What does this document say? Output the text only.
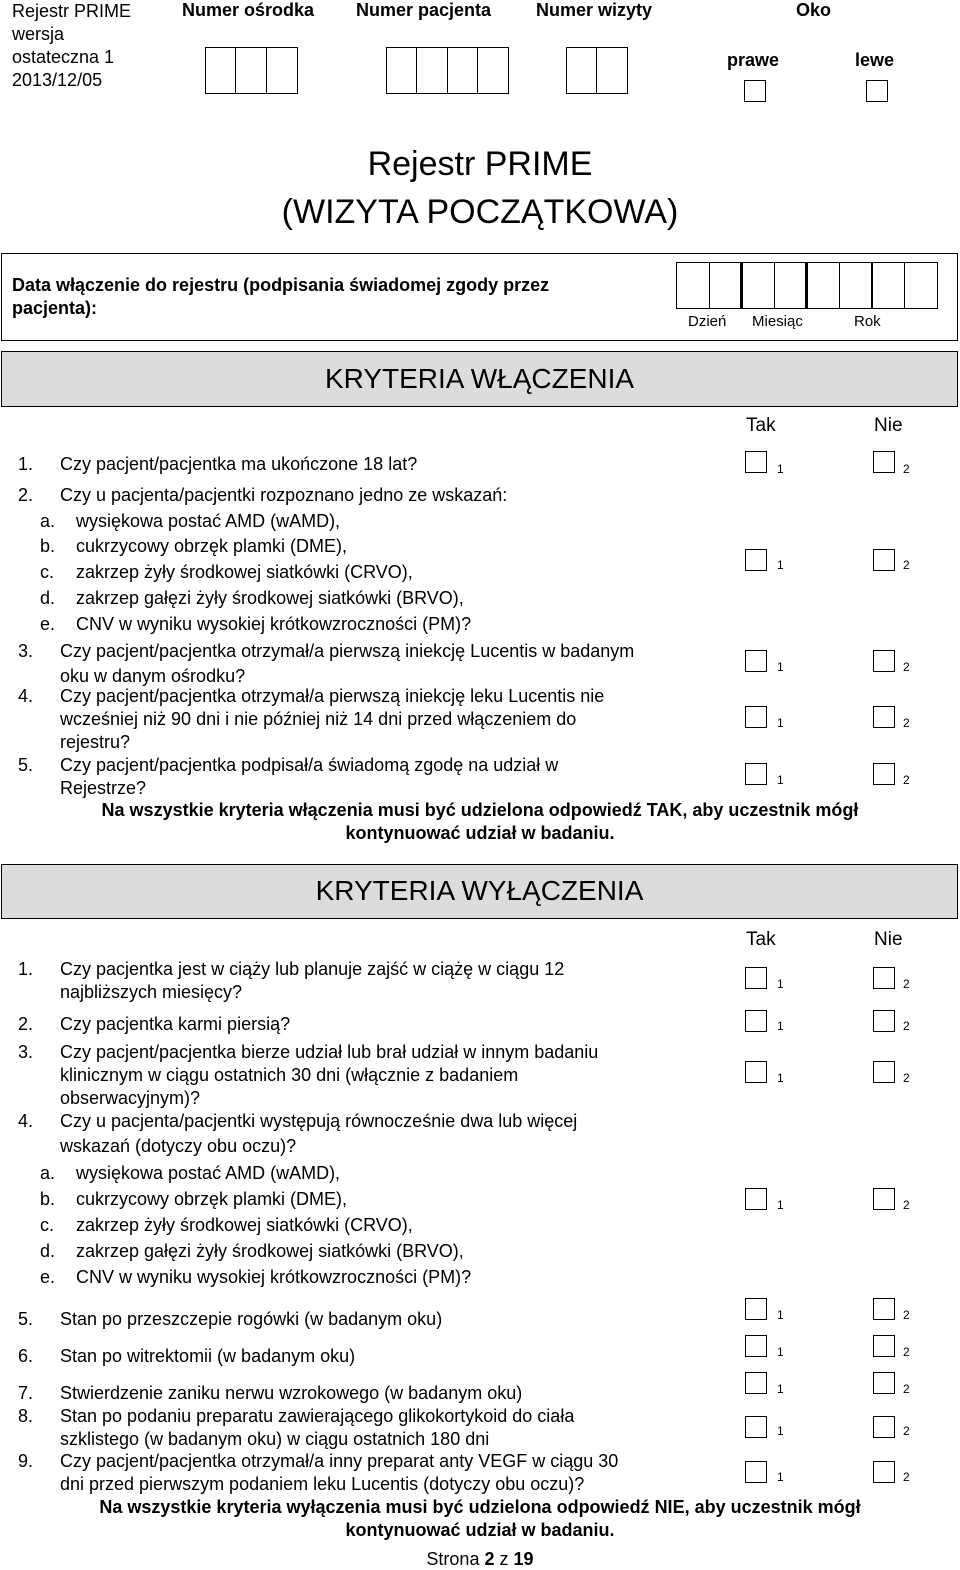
Rejestr PRIME
wersja
ostateczna 1
2013/12/05
Numer ośrodka Numer pacjenta Numer wizyty	Oko
prawe	lewe
Rejestr PRIME
(WIZYTA POCZĄTKOWA)
Data włączenie do rejestru (podpisania świadomej zgody przez
pacjenta):
Dzień Miesiąc	Rok
KRYTERIA WŁĄCZENIA
Tak	Nie
1. Czy pacjent/pacjentka ma ukończone 18 lat?	1	2
2. Czy u pacjenta/pacjentki rozpoznano jedno ze wskazań:
a. wysiękowa postać AMD (wAMD),
b. cukrzycowy obrzęk plamki (DME),
c. zakrzep żyły środkowej siatkówki (CRVO),
d. zakrzep gałęzi żyły środkowej siatkówki (BRVO),
e. CNV w wyniku wysokiej krótkowzroczności (PM)?
1	2
3. Czy pacjent/pacjentka otrzymał/a pierwszą iniekcję Lucentis w badanym
oku w danym ośrodku?	1	2
4. Czy pacjent/pacjentka otrzymał/a pierwszą iniekcję leku Lucentis nie
wcześniej niż 90 dni i nie później niż 14 dni przed włączeniem do
rejestru?
1	2
5. Czy pacjent/pacjentka podpisał/a świadomą zgodę na udział w
Rejestrze?	1	2
Na wszystkie kryteria włączenia musi być udzielona odpowiedź TAK, aby uczestnik mógł
kontynuować udział w badaniu.
KRYTERIA WYŁĄCZENIA
Tak	Nie
1. Czy pacjentka jest w ciąży lub planuje zajść w ciążę w ciągu 12
najbliższych miesięcy?	1	2
2. Czy pacjentka karmi piersią?	1	2
3. Czy pacjent/pacjentka bierze udział lub brał udział w innym badaniu
klinicznym w ciągu ostatnich 30 dni (włącznie z badaniem
obserwacyjnym)?
1	2
4. Czy u pacjenta/pacjentki występują równocześnie dwa lub więcej
wskazań (dotyczy obu oczu)?
a. wysiękowa postać AMD (wAMD),
b. cukrzycowy obrzęk plamki (DME),
c. zakrzep żyły środkowej siatkówki (CRVO),
d. zakrzep gałęzi żyły środkowej siatkówki (BRVO),
e. CNV w wyniku wysokiej krótkowzroczności (PM)?
1	2
5. Stan po przeszczepie rogówki (w badanym oku)	1	2
6. Stan po witrektomii (w badanym oku)	1	2
7. Stwierdzenie zaniku nerwu wzrokowego (w badanym oku)	1	2
8. Stan po podaniu preparatu zawierającego glikokortykoid do ciała
szklistego (w badanym oku) w ciągu ostatnich 180 dni	1	2
9. Czy pacjent/pacjentka otrzymał/a inny preparat anty VEGF w ciągu 30
dni przed pierwszym podaniem leku Lucentis (dotyczy obu oczu)?	1	2
Na wszystkie kryteria wyłączenia musi być udzielona odpowiedź NIE, aby uczestnik mógł
kontynuować udział w badaniu.
Strona 2 z 19
